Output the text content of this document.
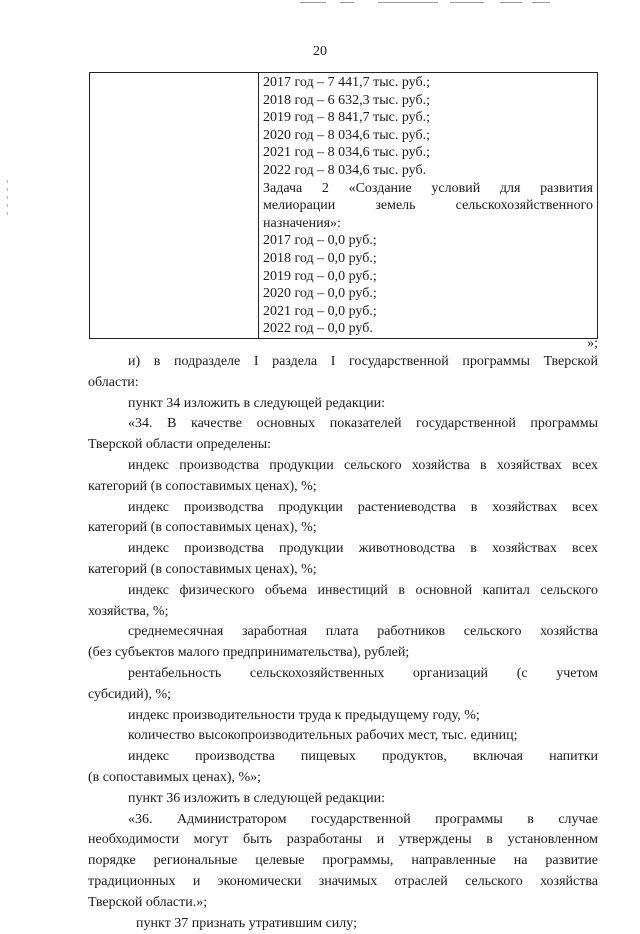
20

2017 год – 7 441,7 тыс. руб.;
2018 год – 6 632,3 тыс. руб.;
2019 год – 8 841,7 тыс. руб.;
2020 год – 8 034,6 тыс. руб.;
2021 год – 8 034,6 тыс. руб.;
2022 год – 8 034,6 тыс. руб.
Задача 2 «Создание условий для развития
мелиорации земель сельскохозяйственного
назначения»:
2017 год – 0,0 руб.;
2018 год – 0,0 руб.;
2019 год – 0,0 руб.;
2020 год – 0,0 руб.;
2021 год – 0,0 руб.;
2022 год – 0,0 руб.
»;
и) в подразделе I раздела I государственной программы Тверской
области:
пункт 34 изложить в следующей редакции:
«34. В качестве основных показателей государственной программы
Тверской области определены:
индекс производства продукции сельского хозяйства в хозяйствах всех
категорий (в сопоставимых ценах), %;
индекс производства продукции растениеводства в хозяйствах всех
категорий (в сопоставимых ценах), %;
индекс производства продукции животноводства в хозяйствах всех
категорий (в сопоставимых ценах), %;
индекс физического объема инвестиций в основной капитал сельского
хозяйства, %;
среднемесячная заработная плата работников сельского хозяйства
(без субъектов малого предпринимательства), рублей;
рентабельность сельскохозяйственных организаций (с учетом
субсидий), %;
индекс производительности труда к предыдущему году, %;
количество высокопроизводительных рабочих мест, тыс. единиц;
индекс производства пищевых продуктов, включая напитки
(в сопоставимых ценах), %»;
пункт 36 изложить в следующей редакции:
«36. Администратором государственной программы в случае
необходимости могут быть разработаны и утверждены в установленном
порядке региональные целевые программы, направленные на развитие
традиционных и экономически значимых отраслей сельского хозяйства
Тверской области.»;
пункт 37 признать утратившим силу;
